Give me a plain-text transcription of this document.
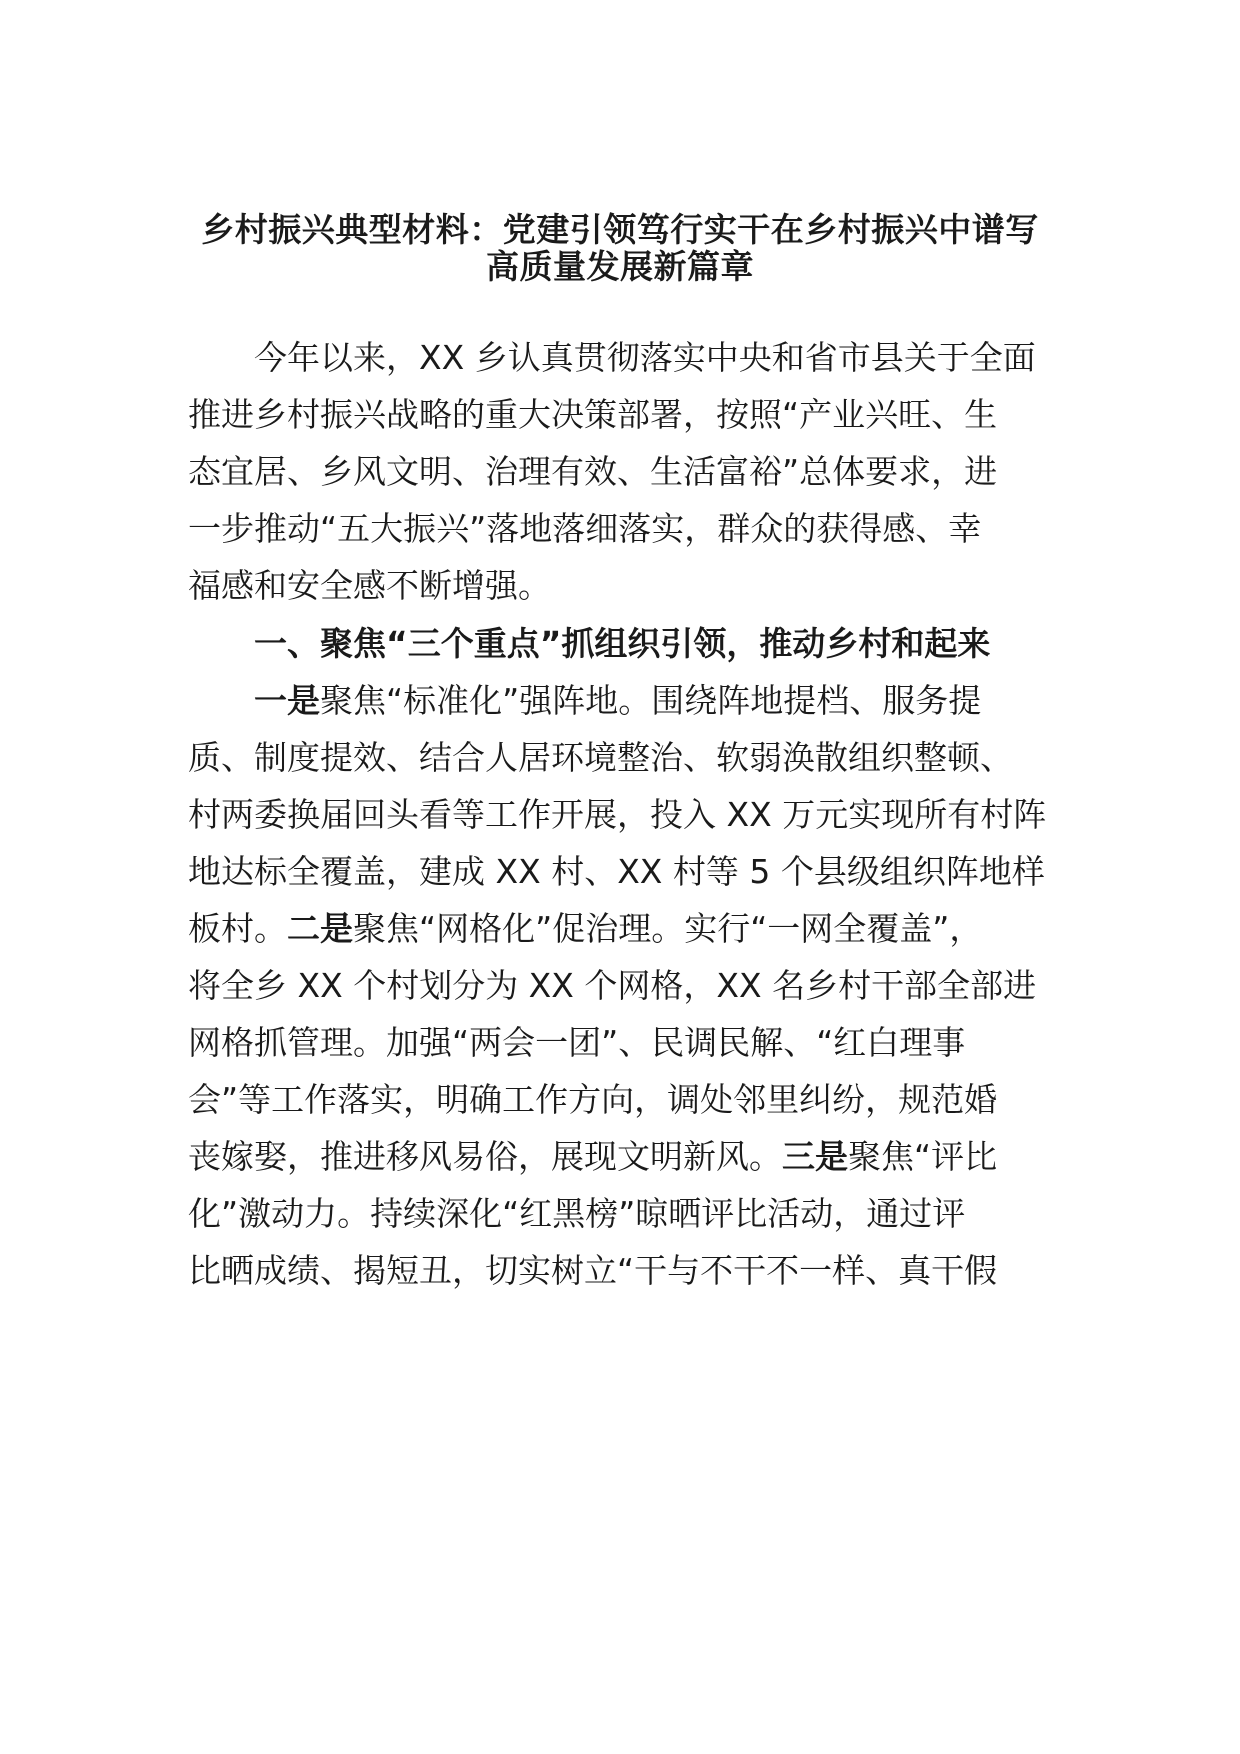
乡村振兴典型材料：党建引领笃行实干在乡村振兴中谱写
高质量发展新篇章

今年以来，XX 乡认真贯彻落实中央和省市县关于全面

推进乡村振兴战略的重大决策部署，按照“产业兴旺、生

态宜居、乡风文明、治理有效、生活富裕”总体要求，进

一步推动“五大振兴”落地落细落实，群众的获得感、幸

福感和安全感不断增强。

一、聚焦“三个重点”抓组织引领，推动乡村和起来

一是聚焦“标准化”强阵地。围绕阵地提档、服务提

质、制度提效、结合人居环境整治、软弱涣散组织整顿、

村两委换届回头看等工作开展，投入 XX 万元实现所有村阵

地达标全覆盖，建成 XX 村、XX 村等 5 个县级组织阵地样

板村。二是聚焦“网格化”促治理。实行“一网全覆盖”，

将全乡 XX 个村划分为 XX 个网格，XX 名乡村干部全部进

网格抓管理。加强“两会一团”、民调民解、“红白理事

会”等工作落实，明确工作方向，调处邻里纠纷，规范婚

丧嫁娶，推进移风易俗，展现文明新风。三是聚焦“评比

化”激动力。持续深化“红黑榜”晾晒评比活动，通过评

比晒成绩、揭短丑，切实树立“干与不干不一样、真干假
